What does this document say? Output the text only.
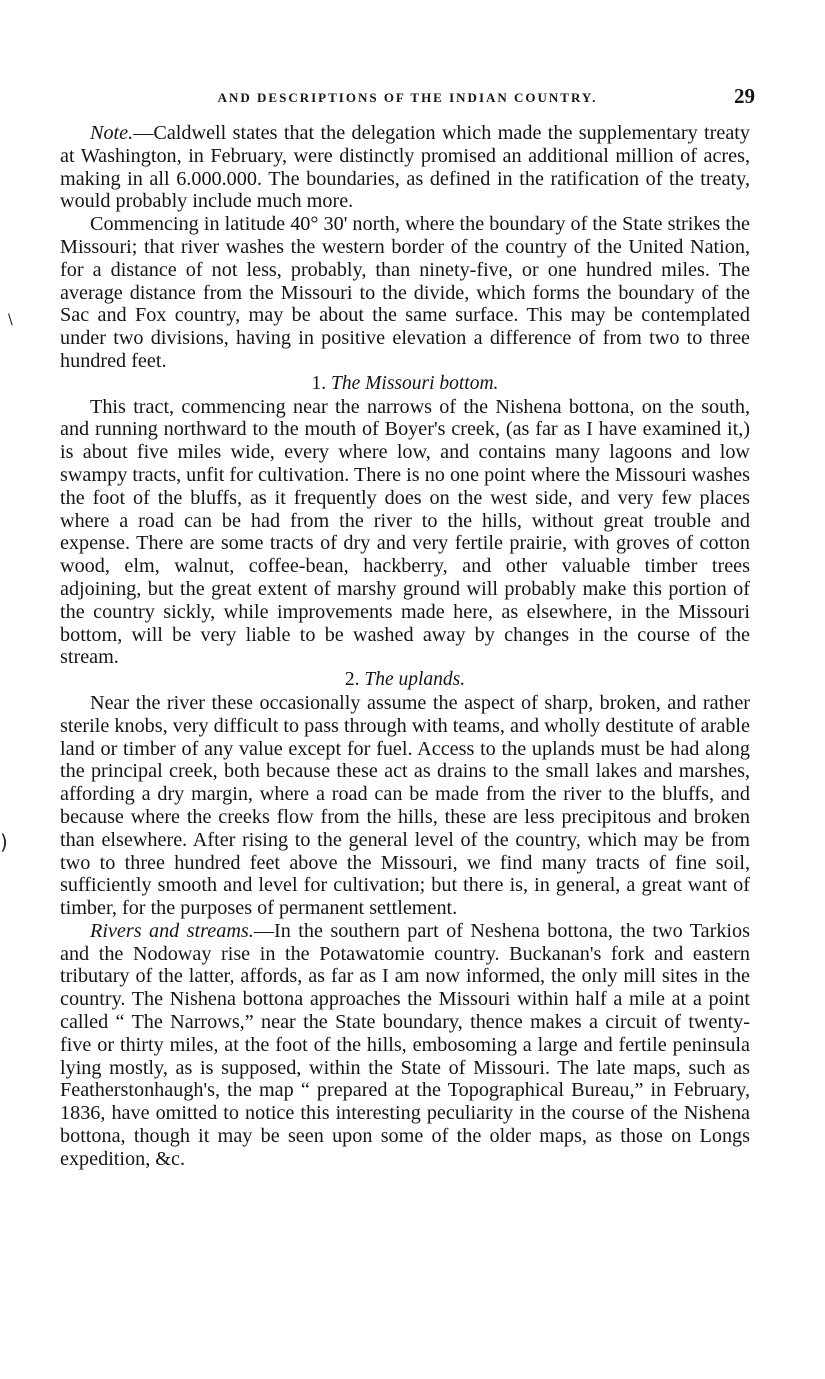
AND DESCRIPTIONS OF THE INDIAN COUNTRY.	29
\
)

Note.—Caldwell states that the delegation which made the supplementary treaty at Washington, in February, were distinctly promised an additional million of acres, making in all 6.000.000. The boundaries, as defined in the ratification of the treaty, would probably include much more.

Commencing in latitude 40° 30' north, where the boundary of the State strikes the Missouri; that river washes the western border of the country of the United Nation, for a distance of not less, probably, than ninety-five, or one hundred miles. The average distance from the Missouri to the divide, which forms the boundary of the Sac and Fox country, may be about the same surface. This may be contemplated under two divisions, having in positive elevation a difference of from two to three hundred feet.

1. The Missouri bottom.

This tract, commencing near the narrows of the Nishena bottona, on the south, and running northward to the mouth of Boyer's creek, (as far as I have examined it,) is about five miles wide, every where low, and contains many lagoons and low swampy tracts, unfit for cultivation. There is no one point where the Missouri washes the foot of the bluffs, as it frequently does on the west side, and very few places where a road can be had from the river to the hills, without great trouble and expense. There are some tracts of dry and very fertile prairie, with groves of cotton wood, elm, walnut, coffee-bean, hackberry, and other valuable timber trees adjoining, but the great extent of marshy ground will probably make this portion of the country sickly, while improvements made here, as elsewhere, in the Missouri bottom, will be very liable to be washed away by changes in the course of the stream.

2. The uplands.

Near the river these occasionally assume the aspect of sharp, broken, and rather sterile knobs, very difficult to pass through with teams, and wholly destitute of arable land or timber of any value except for fuel. Access to the uplands must be had along the principal creek, both because these act as drains to the small lakes and marshes, affording a dry margin, where a road can be made from the river to the bluffs, and because where the creeks flow from the hills, these are less precipitous and broken than elsewhere. After rising to the general level of the country, which may be from two to three hundred feet above the Missouri, we find many tracts of fine soil, sufficiently smooth and level for cultivation; but there is, in general, a great want of timber, for the purposes of permanent settlement.

Rivers and streams.—In the southern part of Neshena bottona, the two Tarkios and the Nodoway rise in the Potawatomie country. Buckanan's fork and eastern tributary of the latter, affords, as far as I am now informed, the only mill sites in the country. The Nishena bottona approaches the Missouri within half a mile at a point called “ The Narrows,” near the State boundary, thence makes a circuit of twenty-five or thirty miles, at the foot of the hills, embosoming a large and fertile peninsula lying mostly, as is supposed, within the State of Missouri. The late maps, such as Featherstonhaugh's, the map “ prepared at the Topographical Bureau,” in February, 1836, have omitted to notice this interesting peculiarity in the course of the Nishena bottona, though it may be seen upon some of the older maps, as those on Longs expedition, &c.
